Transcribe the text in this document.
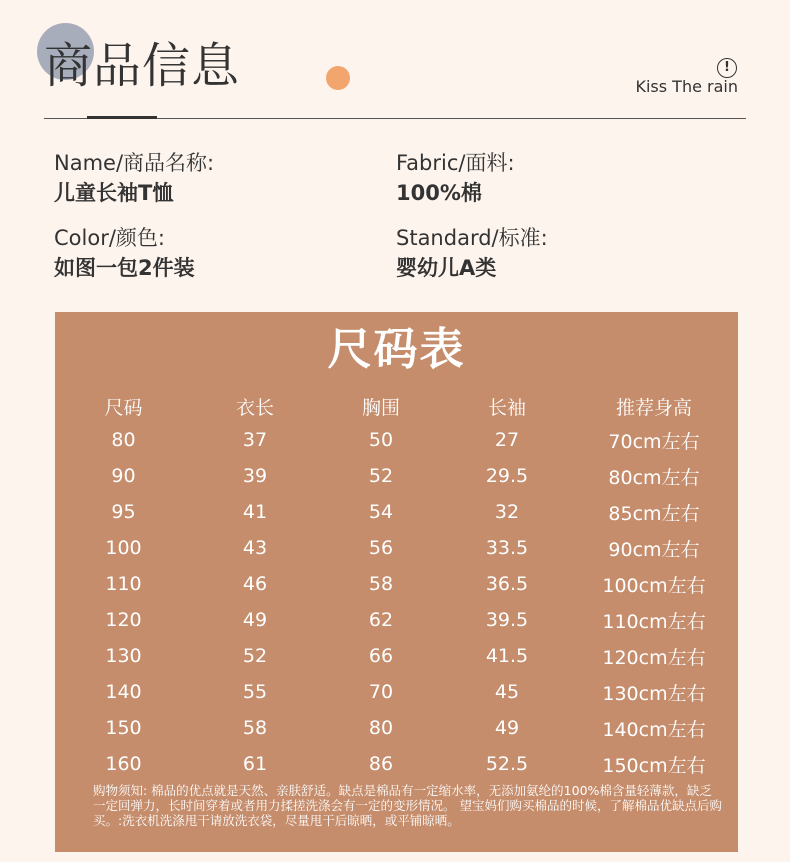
商品信息	!
Kiss The rain
Name/商品名称:
儿童长袖T恤
Fabric/面料:
100%棉
Color/颜色:
如图一包2件装
Standard/标准:
婴幼儿A类
尺码表
尺码	衣长	胸围	长袖	推荐身高
80	37	50	27	70cm左右
90	39	52	29.5	80cm左右
95	41	54	32	85cm左右
100	43	56	33.5	90cm左右
110	46	58	36.5	100cm左右
120	49	62	39.5	110cm左右
130	52	66	41.5	120cm左右
140	55	70	45	130cm左右
150	58	80	49	140cm左右
160	61	86	52.5	150cm左右
购物须知: 棉品的优点就是天然、亲肤舒适。缺点是棉品有一定缩水率，无添加氨纶的100%棉含量轻薄款，缺乏一定回弹力，长时间穿着或者用力揉搓洗涤会有一定的变形情况。 望宝妈们购买棉品的时候，了解棉品优缺点后购买。:洗衣机洗涤甩干请放洗衣袋，尽量甩干后晾晒，或平铺晾晒。
